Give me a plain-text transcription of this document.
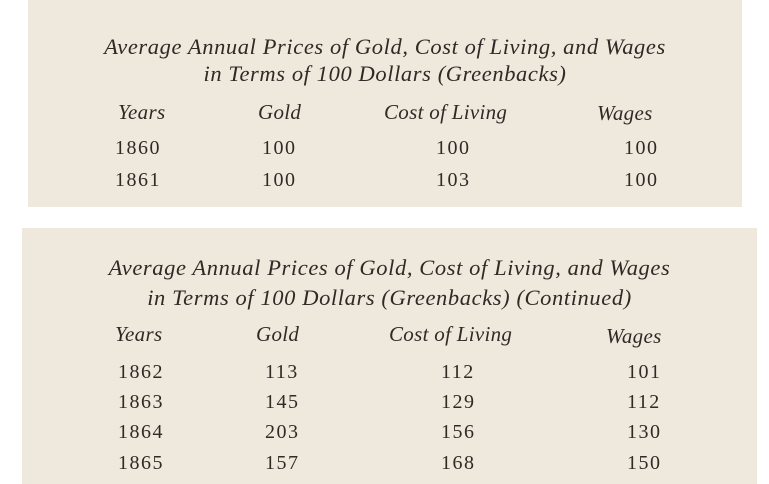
Average Annual Prices of Gold, Cost of Living, and Wages

in Terms of 100 Dollars (Greenbacks)

Years	Gold	Cost of Living	Wages
1860	100	100	100
1861	100	103	100

Average Annual Prices of Gold, Cost of Living, and Wages

in Terms of 100 Dollars (Greenbacks) (Continued)

Years	Gold	Cost of Living	Wages
1862	113	112	101
1863	145	129	112
1864	203	156	130
1865	157	168	150
